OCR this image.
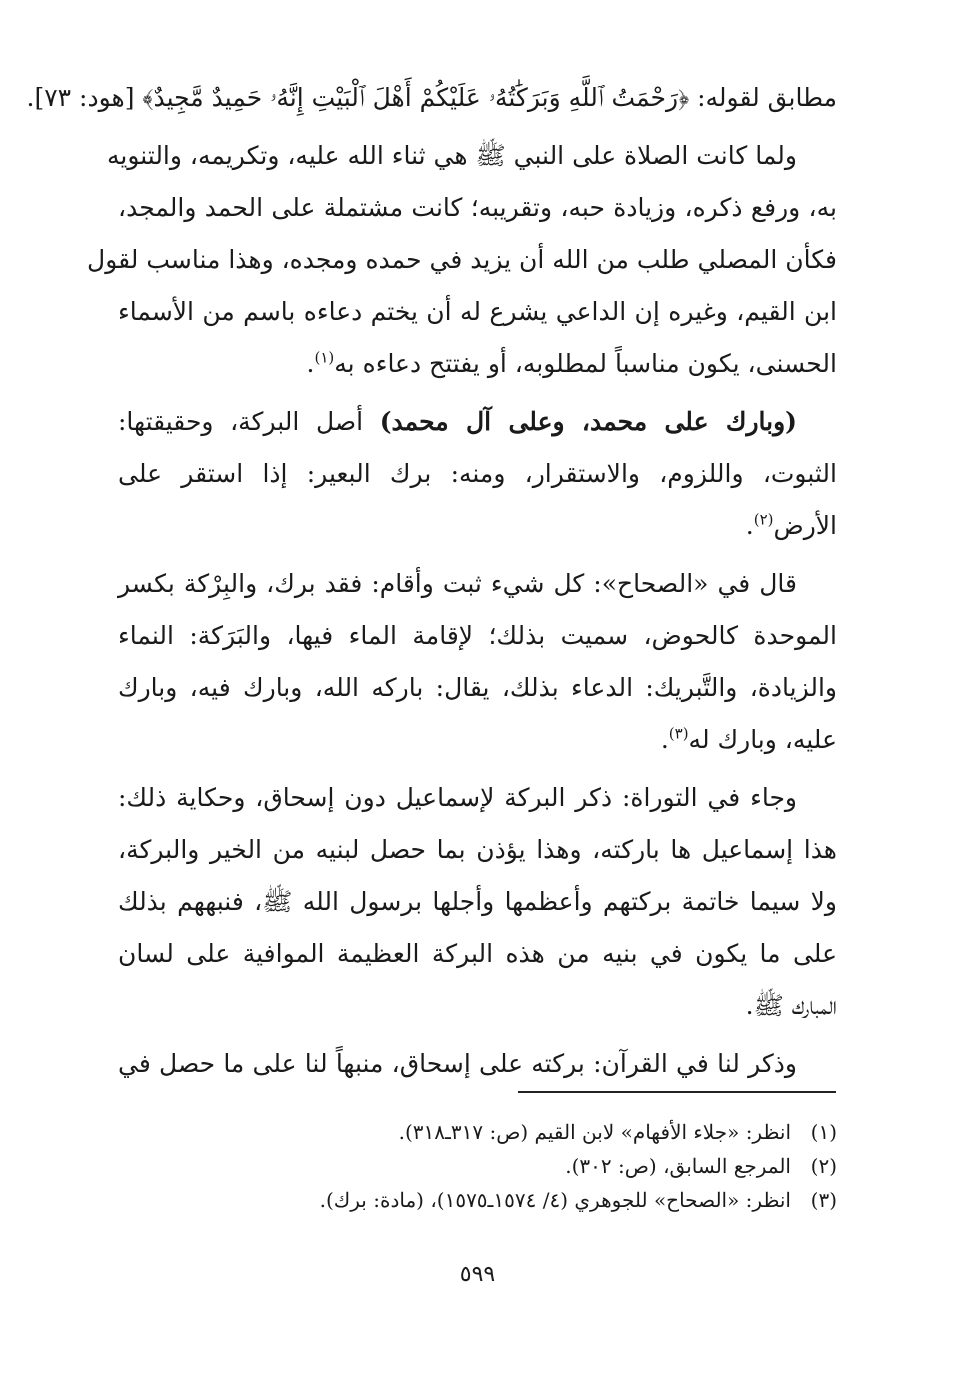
مطابق لقوله: ﴿رَحْمَتُ ٱللَّهِ وَبَرَكَٰتُهُۥ عَلَيْكُمْ أَهْلَ ٱلْبَيْتِ إِنَّهُۥ حَمِيدٌ مَّجِيدٌ﴾ [هود: ٧٣].
ولما كانت الصلاة على النبي ﷺ هي ثناء الله عليه، وتكريمه، والتنويه
به، ورفع ذكره، وزيادة حبه، وتقريبه؛ كانت مشتملة على الحمد والمجد،
فكأن المصلي طلب من الله أن يزيد في حمده ومجده، وهذا مناسب لقول
ابن القيم، وغيره إن الداعي يشرع له أن يختم دعاءه باسم من الأسماء
الحسنى، يكون مناسباً لمطلوبه، أو يفتتح دعاءه به$^{(١)}$.
(وبارك على محمد، وعلى آل محمد) أصل البركة، وحقيقتها:
الثبوت، واللزوم، والاستقرار، ومنه: برك البعير: إذا استقر على
الأرض$^{(٢)}$.
قال في «الصحاح»: كل شيء ثبت وأقام: فقد برك، والبِرْكة بكسر
الموحدة كالحوض، سميت بذلك؛ لإقامة الماء فيها، والبَرَكة: النماء
والزيادة، والتَّبريك: الدعاء بذلك، يقال: باركه الله، وبارك فيه، وبارك
عليه، وبارك له$^{(٣)}$.
وجاء في التوراة: ذكر البركة لإسماعيل دون إسحاق، وحكاية ذلك:
هذا إسماعيل ها باركته، وهذا يؤذن بما حصل لبنيه من الخير والبركة،
ولا سيما خاتمة بركتهم وأعظمها وأجلها برسول الله ﷺ، فنبههم بذلك
على ما يكون في بنيه من هذه البركة العظيمة الموافية على لسان
المبارك ﷺ.
وذكر لنا في القرآن: بركته على إسحاق، منبهاً لنا على ما حصل في
(١)انظر: «جلاء الأفهام» لابن القيم (ص: ٣١٧ـ٣١٨).
(٢)المرجع السابق، (ص: ٣٠٢).
(٣)انظر: «الصحاح» للجوهري (٤/ ١٥٧٤ـ١٥٧٥)، (مادة: برك).
٥٩٩
